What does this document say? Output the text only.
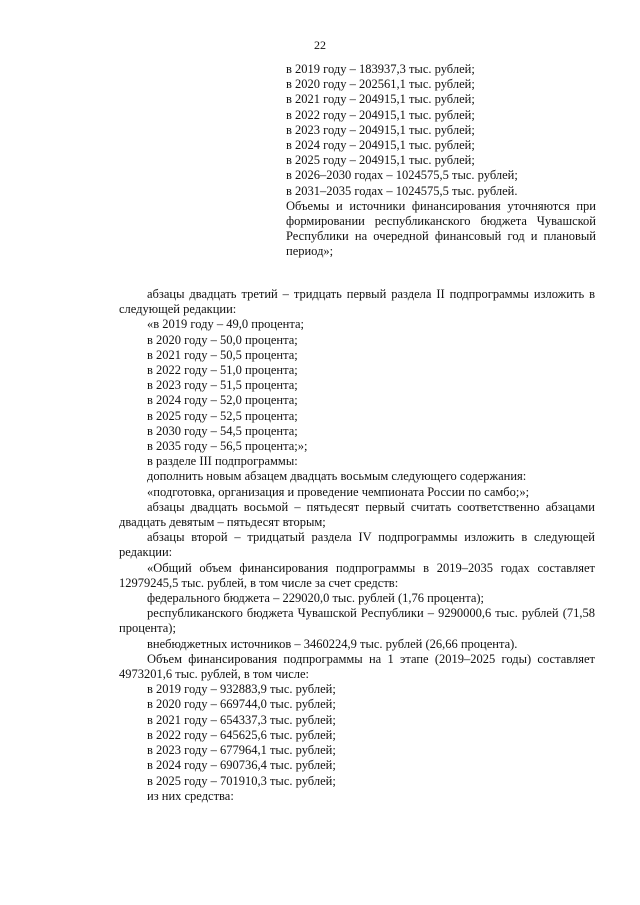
22
в 2019 году – 183937,3 тыс. рублей;
в 2020 году – 202561,1 тыс. рублей;
в 2021 году – 204915,1 тыс. рублей;
в 2022 году – 204915,1 тыс. рублей;
в 2023 году – 204915,1 тыс. рублей;
в 2024 году – 204915,1 тыс. рублей;
в 2025 году – 204915,1 тыс. рублей;
в 2026–2030 годах – 1024575,5 тыс. рублей;
в 2031–2035 годах – 1024575,5 тыс. рублей.
Объемы и источники финансирования уточняются при формировании республиканского бюджета Чувашской Республики на очередной финансовый год и плановый период»;
абзацы двадцать третий – тридцать первый раздела II подпрограммы изложить в следующей редакции:
«в 2019 году – 49,0 процента;
в 2020 году – 50,0 процента;
в 2021 году – 50,5 процента;
в 2022 году – 51,0 процента;
в 2023 году – 51,5 процента;
в 2024 году – 52,0 процента;
в 2025 году – 52,5 процента;
в 2030 году – 54,5 процента;
в 2035 году – 56,5 процента;»;
в разделе III подпрограммы:
дополнить новым абзацем двадцать восьмым следующего содержания:
«подготовка, организация и проведение чемпионата России по самбо;»;
абзацы двадцать восьмой – пятьдесят первый считать соответственно абзацами двадцать девятым – пятьдесят вторым;
абзацы второй – тридцатый раздела IV подпрограммы изложить в следующей редакции:
«Общий объем финансирования подпрограммы в 2019–2035 годах составляет 12979245,5 тыс. рублей, в том числе за счет средств:
федерального бюджета – 229020,0 тыс. рублей (1,76 процента);
республиканского бюджета Чувашской Республики – 9290000,6 тыс. рублей (71,58 процента);
внебюджетных источников – 3460224,9 тыс. рублей (26,66 процента).
Объем финансирования подпрограммы на 1 этапе (2019–2025 годы) составляет 4973201,6 тыс. рублей, в том числе:
в 2019 году – 932883,9 тыс. рублей;
в 2020 году – 669744,0 тыс. рублей;
в 2021 году – 654337,3 тыс. рублей;
в 2022 году – 645625,6 тыс. рублей;
в 2023 году – 677964,1 тыс. рублей;
в 2024 году – 690736,4 тыс. рублей;
в 2025 году – 701910,3 тыс. рублей;
из них средства:
